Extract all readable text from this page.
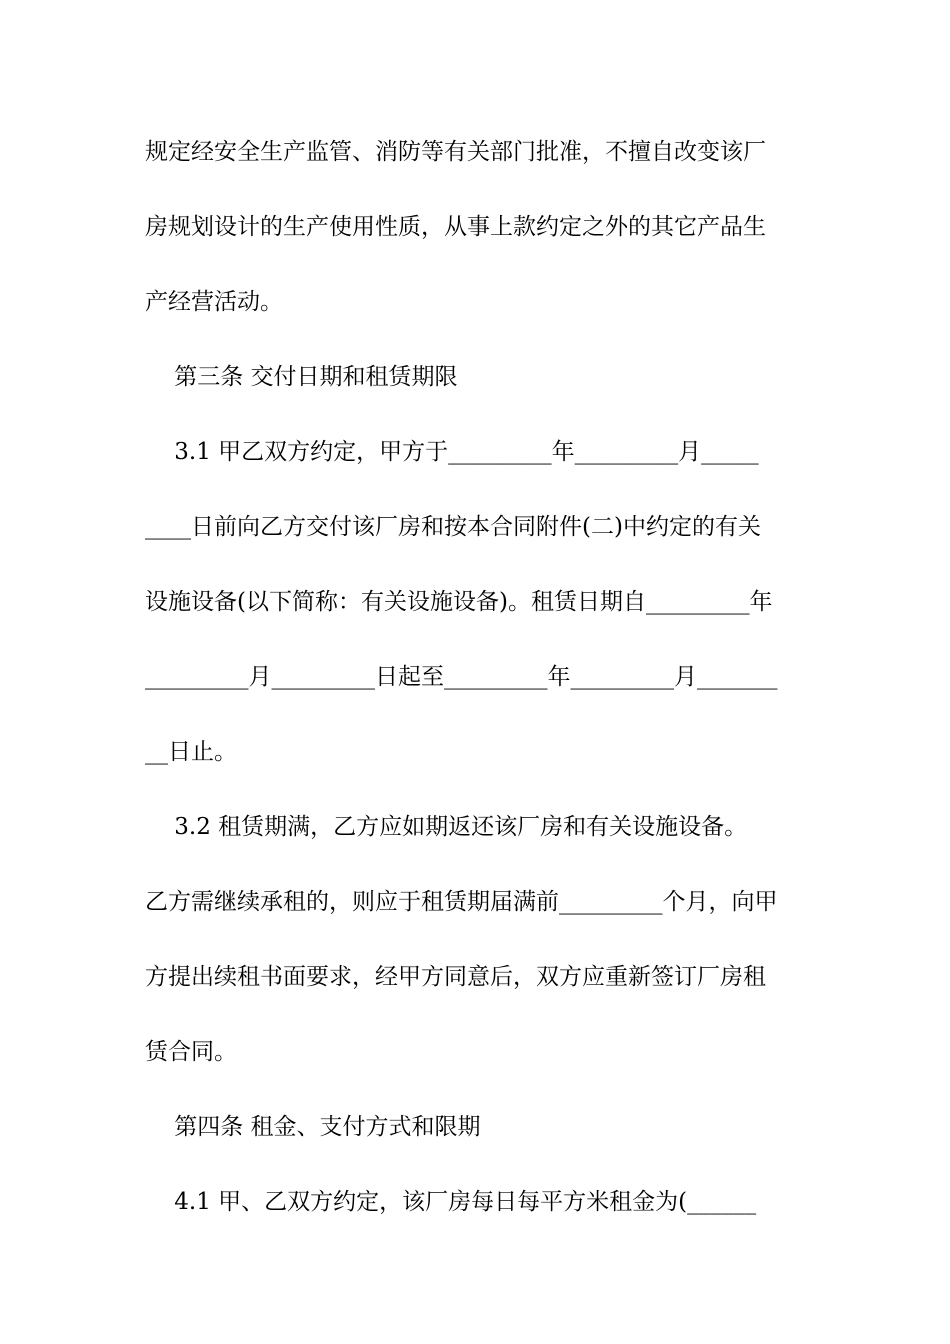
规定经安全生产监管、消防等有关部门批准，不擅自改变该厂
房规划设计的生产使用性质，从事上款约定之外的其它产品生
产经营活动。
第三条 交付日期和租赁期限
3.1 甲乙双方约定，甲方于_________年_________月_____
____日前向乙方交付该厂房和按本合同附件(二)中约定的有关
设施设备(以下简称：有关设施设备)。租赁日期自_________年
_________月_________日起至_________年_________月_______
__日止。
3.2 租赁期满，乙方应如期返还该厂房和有关设施设备。
乙方需继续承租的，则应于租赁期届满前_________个月，向甲
方提出续租书面要求，经甲方同意后，双方应重新签订厂房租
赁合同。
第四条 租金、支付方式和限期
4.1 甲、乙双方约定，该厂房每日每平方米租金为(______
